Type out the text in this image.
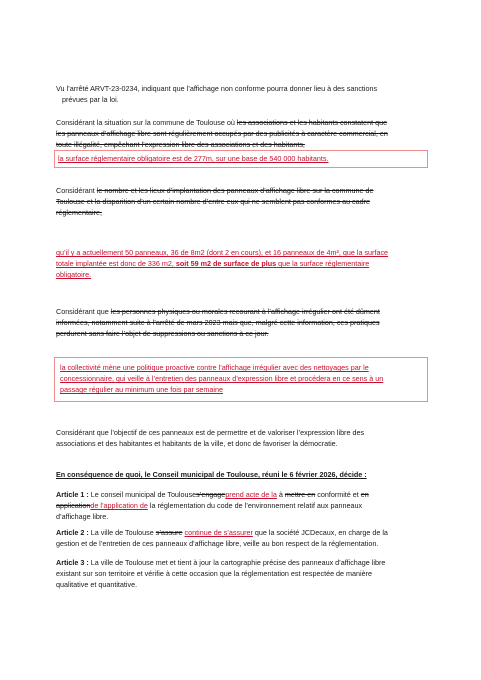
Vu l’arrêté ARVT-23-0234, indiquant que l’affichage non conforme pourra donner lieu à des sanctions
prévues par la loi.
Considérant la situation sur la commune de Toulouse où les associations et les habitants constatent que
les panneaux d’affichage libre sont régulièrement occupés par des publicités à caractère commercial, en
toute illégalité, empêchant l’expression libre des associations et des habitants,
la surface réglementaire obligatoire est de 277m, sur une base de 540 000 habitants.
Considérant le nombre et les lieux d’implantation des panneaux d’affichage libre sur la commune de
Toulouse et la disparition d’un certain nombre d’entre eux qui ne semblent pas conformes au cadre
réglementaire,
qu’il y a actuellement 50 panneaux, 36 de 8m2 (dont 2 en cours), et 16 panneaux de 4m², que la surface
totale implantée est donc de 336 m2, soit 59 m2 de surface de plus que la surface réglementaire
obligatoire.
Considérant que les personnes physiques ou morales recourant à l’affichage irrégulier ont été dûment
informées, notamment suite à l’arrêté de mars 2023 mais que, malgré cette information, ces pratiques
perdurent sans faire l’objet de suppressions ou sanctions à ce jour.
la collectivité mène une politique proactive contre l’affichage irrégulier avec des nettoyages par le
concessionnaire, qui veille à l’entretien des panneaux d’expression libre et procédera en ce sens à un
passage régulier au minimum une fois par semaine
Considérant que l’objectif de ces panneaux est de permettre et de valoriser l’expression libre des
associations et des habitantes et habitants de la ville, et donc de favoriser la démocratie.
En conséquence de quoi, le Conseil municipal de Toulouse, réuni le 6 février 2026, décide :
Article 1 : Le conseil municipal de Toulouses’engageprend acte de la à mettre en conformité et en
applicationde l’application de la réglementation du code de l’environnement relatif aux panneaux
d’affichage libre.
Article 2 : La ville de Toulouse s’assure continue de s’assurer que la société JCDecaux, en charge de la
gestion et de l’entretien de ces panneaux d’affichage libre, veille au bon respect de la réglementation.
Article 3 : La ville de Toulouse met et tient à jour la cartographie précise des panneaux d’affichage libre
existant sur son territoire et vérifie à cette occasion que la réglementation est respectée de manière
qualitative et quantitative.
